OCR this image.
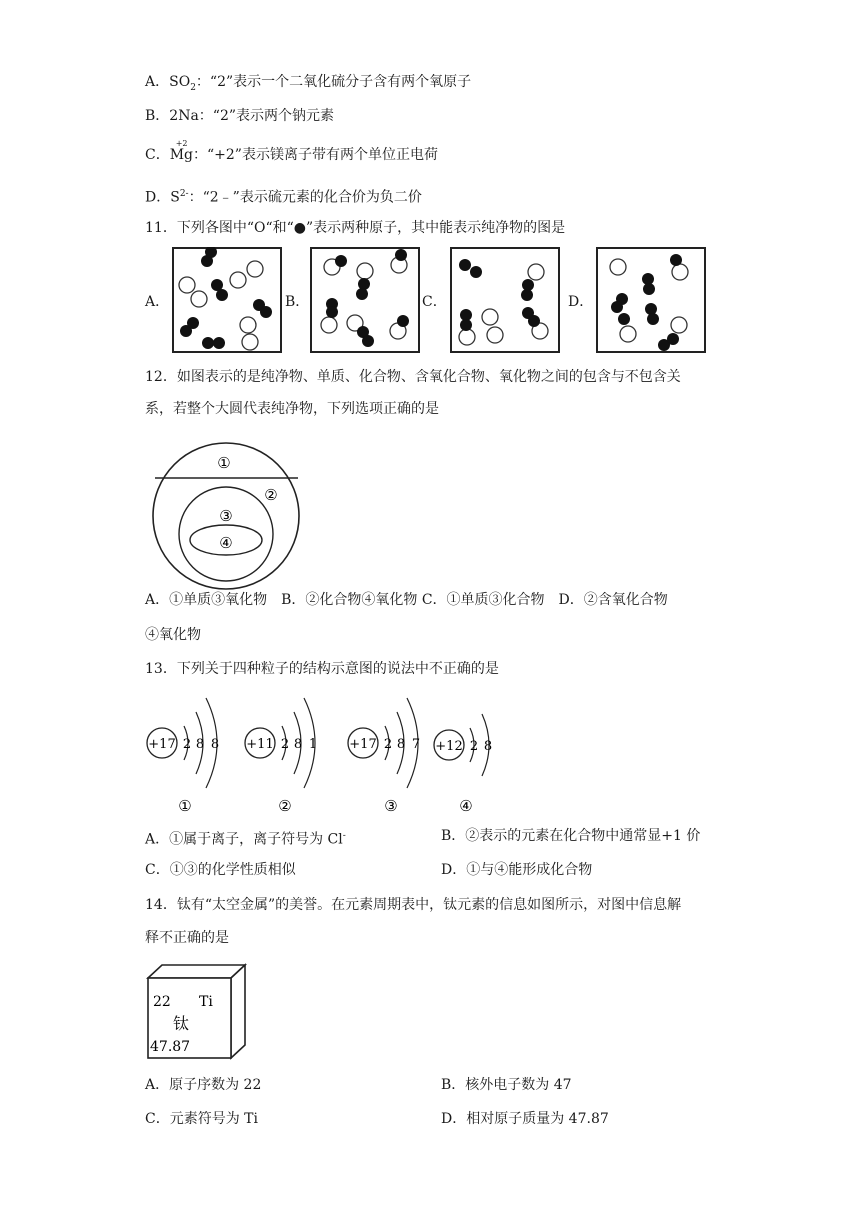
A．$SO_2$：“2”表示一个二氧化硫分子含有两个氧原子
B．2Na：“2”表示两个钠元素
C．
+2
Mg：“+2”表示镁离子带有两个单位正电荷
D．$S^{2-}$：“2﹣”表示硫元素的化合价为负二价
11．下列各图中“O“和“●”表示两种原子，其中能表示纯净物的图是
A．	B．	C．	D．
12．如图表示的是纯净物、单质、化合物、含氧化合物、氧化物之间的包含与不包含关
系，若整个大圆代表纯净物，下列选项正确的是
①
②
③
④
A．①单质③氧化物　B．②化合物④氧化物 C．①单质③化合物　D．②含氧化合物
④氧化物
13．下列关于四种粒子的结构示意图的说法中不正确的是
+17 2 8 8
①
+11 2 8 1
②
+17 2 8 7
③
+12 2 8
④
A．①属于离子，离子符号为 Cl-	B．②表示的元素在化合物中通常显+1 价
C．①③的化学性质相似	D．①与④能形成化合物
14．钛有“太空金属”的美誉。在元素周期表中，钛元素的信息如图所示，对图中信息解
释不正确的是
22 Ti
钛
47.87
A．原子序数为 22	B．核外电子数为 47
C．元素符号为 Ti	D．相对原子质量为 47.87
